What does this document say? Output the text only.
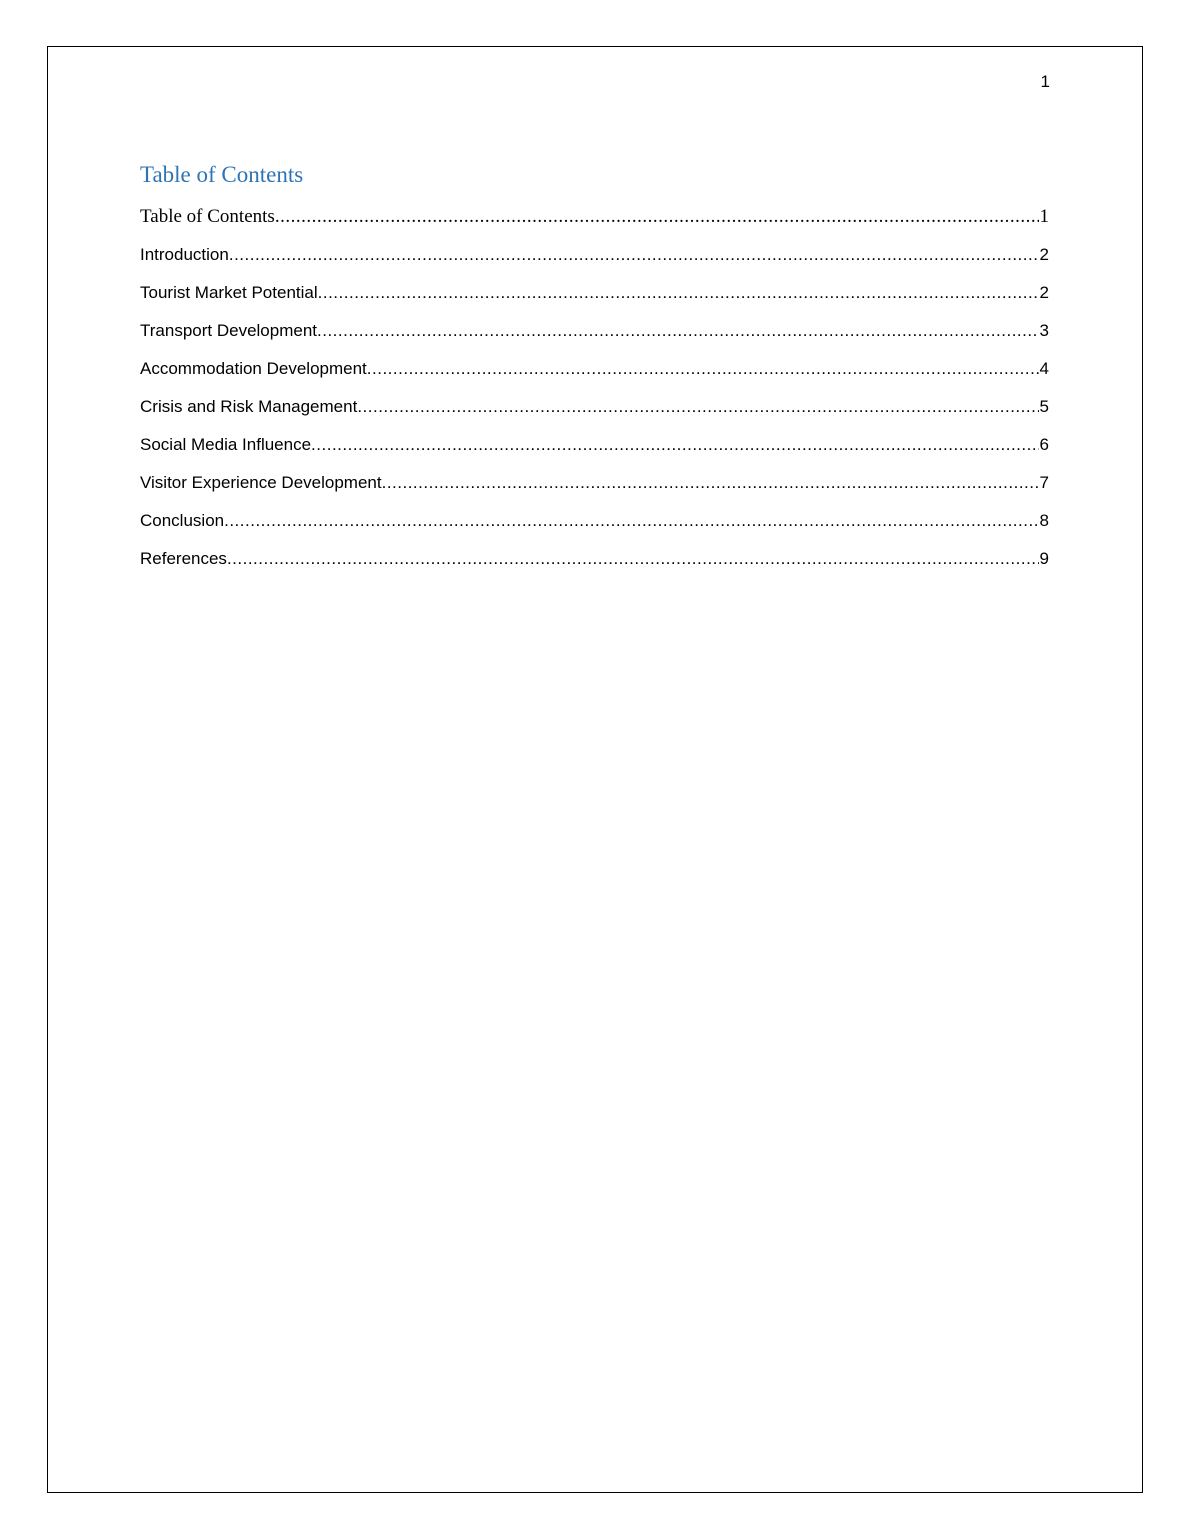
1
Table of Contents
Table of Contents .....	1
Introduction .....	2
Tourist Market Potential .....	2
Transport Development .....	3
Accommodation Development .....	4
Crisis and Risk Management .....	5
Social Media Influence .....	6
Visitor Experience Development .....	7
Conclusion .....	8
References .....	9
